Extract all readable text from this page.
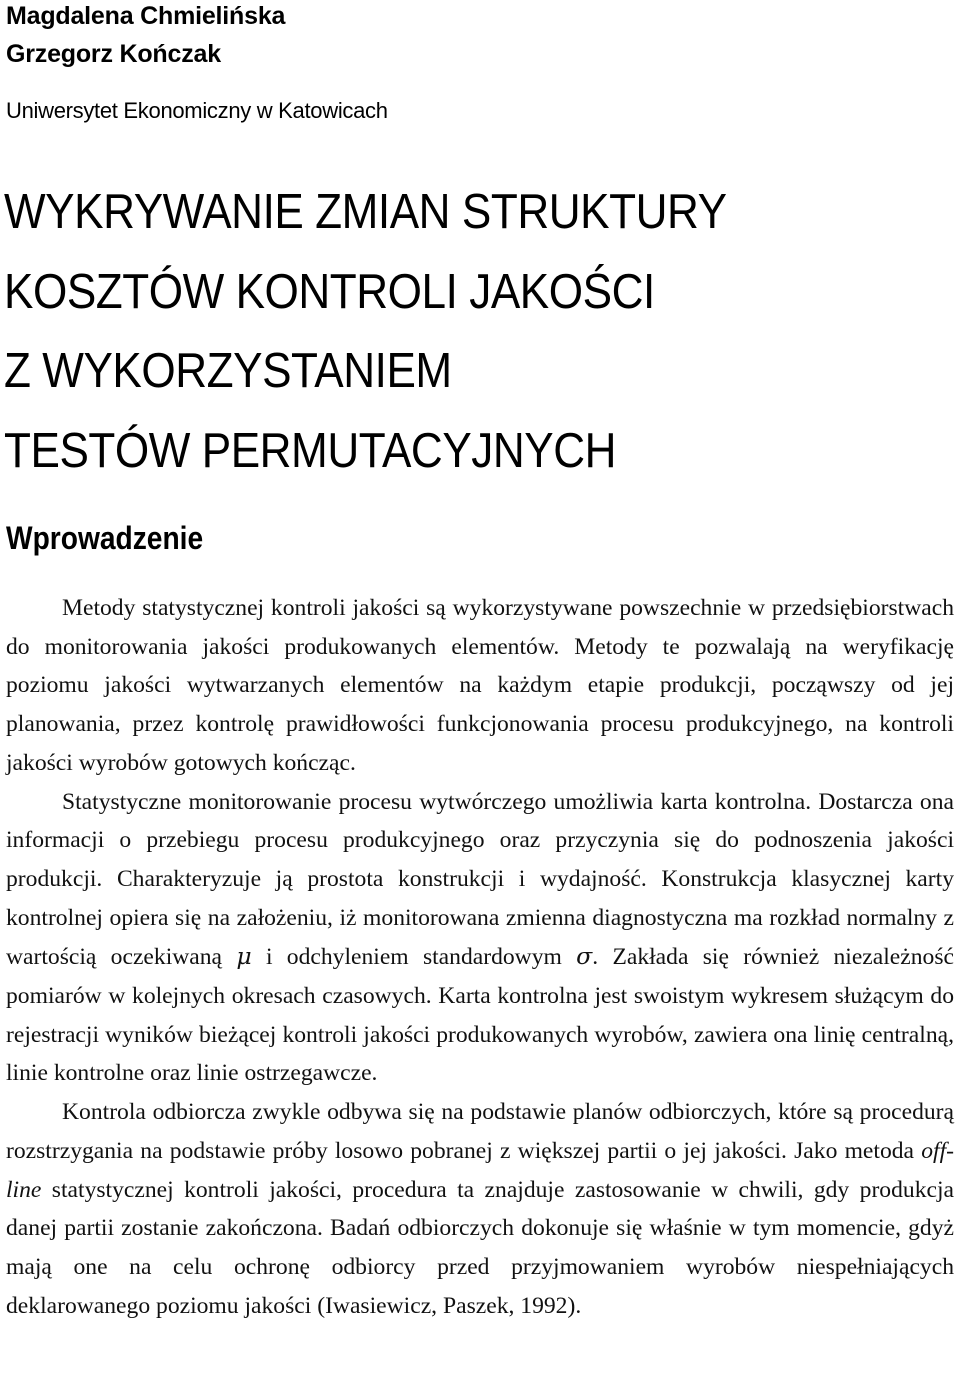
Magdalena Chmielińska
Grzegorz Kończak
Uniwersytet Ekonomiczny w Katowicach
WYKRYWANIE ZMIAN STRUKTURY
KOSZTÓW KONTROLI JAKOŚCI
Z WYKORZYSTANIEM
TESTÓW PERMUTACYJNYCH
Wprowadzenie

Metody statystycznej kontroli jakości są wykorzystywane powszechnie w przedsiębiorstwach do monitorowania jakości produkowanych elementów. Metody te pozwalają na weryfikację poziomu jakości wytwarzanych elementów na każdym etapie produkcji, począwszy od jej planowania, przez kontrolę prawidłowości funkcjonowania procesu produkcyjnego, na kontroli jakości wyrobów gotowych kończąc.

Statystyczne monitorowanie procesu wytwórczego umożliwia karta kontrolna. Dostarcza ona informacji o przebiegu procesu produkcyjnego oraz przyczynia się do podnoszenia jakości produkcji. Charakteryzuje ją prostota konstrukcji i wydajność. Konstrukcja klasycznej karty kontrolnej opiera się na założeniu, iż monitorowana zmienna diagnostyczna ma rozkład normalny z wartością oczekiwaną μ i odchyleniem standardowym σ. Zakłada się również niezależność pomiarów w kolejnych okresach czasowych. Karta kontrolna jest swoistym wykresem służącym do rejestracji wyników bieżącej kontroli jakości produkowanych wyrobów, zawiera ona linię centralną, linie kontrolne oraz linie ostrzegawcze.

Kontrola odbiorcza zwykle odbywa się na podstawie planów odbiorczych, które są procedurą rozstrzygania na podstawie próby losowo pobranej z większej partii o jej jakości. Jako metoda off-line statystycznej kontroli jakości, procedura ta znajduje zastosowanie w chwili, gdy produkcja danej partii zostanie zakończona. Badań odbiorczych dokonuje się właśnie w tym momencie, gdyż mają one na celu ochronę odbiorcy przed przyjmowaniem wyrobów niespełniających deklarowanego poziomu jakości (Iwasiewicz, Paszek, 1992).
